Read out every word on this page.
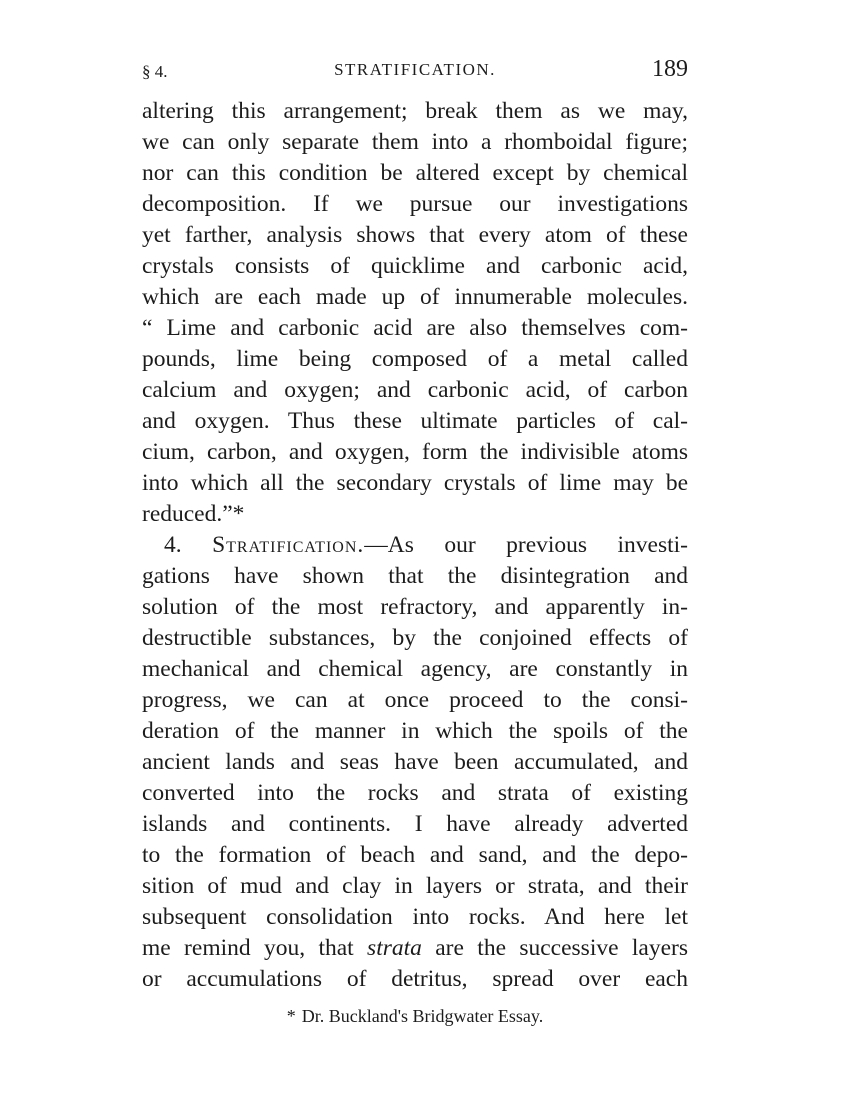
§ 4.	STRATIFICATION.	189
altering this arrangement; break them as we may,
we can only separate them into a rhomboidal figure;
nor can this condition be altered except by chemical
decomposition. If we pursue our investigations
yet farther, analysis shows that every atom of these
crystals consists of quicklime and carbonic acid,
which are each made up of innumerable molecules.
“ Lime and carbonic acid are also themselves com-
pounds, lime being composed of a metal called
calcium and oxygen; and carbonic acid, of carbon
and oxygen. Thus these ultimate particles of cal-
cium, carbon, and oxygen, form the indivisible atoms
into which all the secondary crystals of lime may be
reduced.”*
4. Stratification.—As our previous investi-
gations have shown that the disintegration and
solution of the most refractory, and apparently in-
destructible substances, by the conjoined effects of
mechanical and chemical agency, are constantly in
progress, we can at once proceed to the consi-
deration of the manner in which the spoils of the
ancient lands and seas have been accumulated, and
converted into the rocks and strata of existing
islands and continents. I have already adverted
to the formation of beach and sand, and the depo-
sition of mud and clay in layers or strata, and their
subsequent consolidation into rocks. And here let
me remind you, that strata are the successive layers
or accumulations of detritus, spread over each
* Dr. Buckland's Bridgwater Essay.
